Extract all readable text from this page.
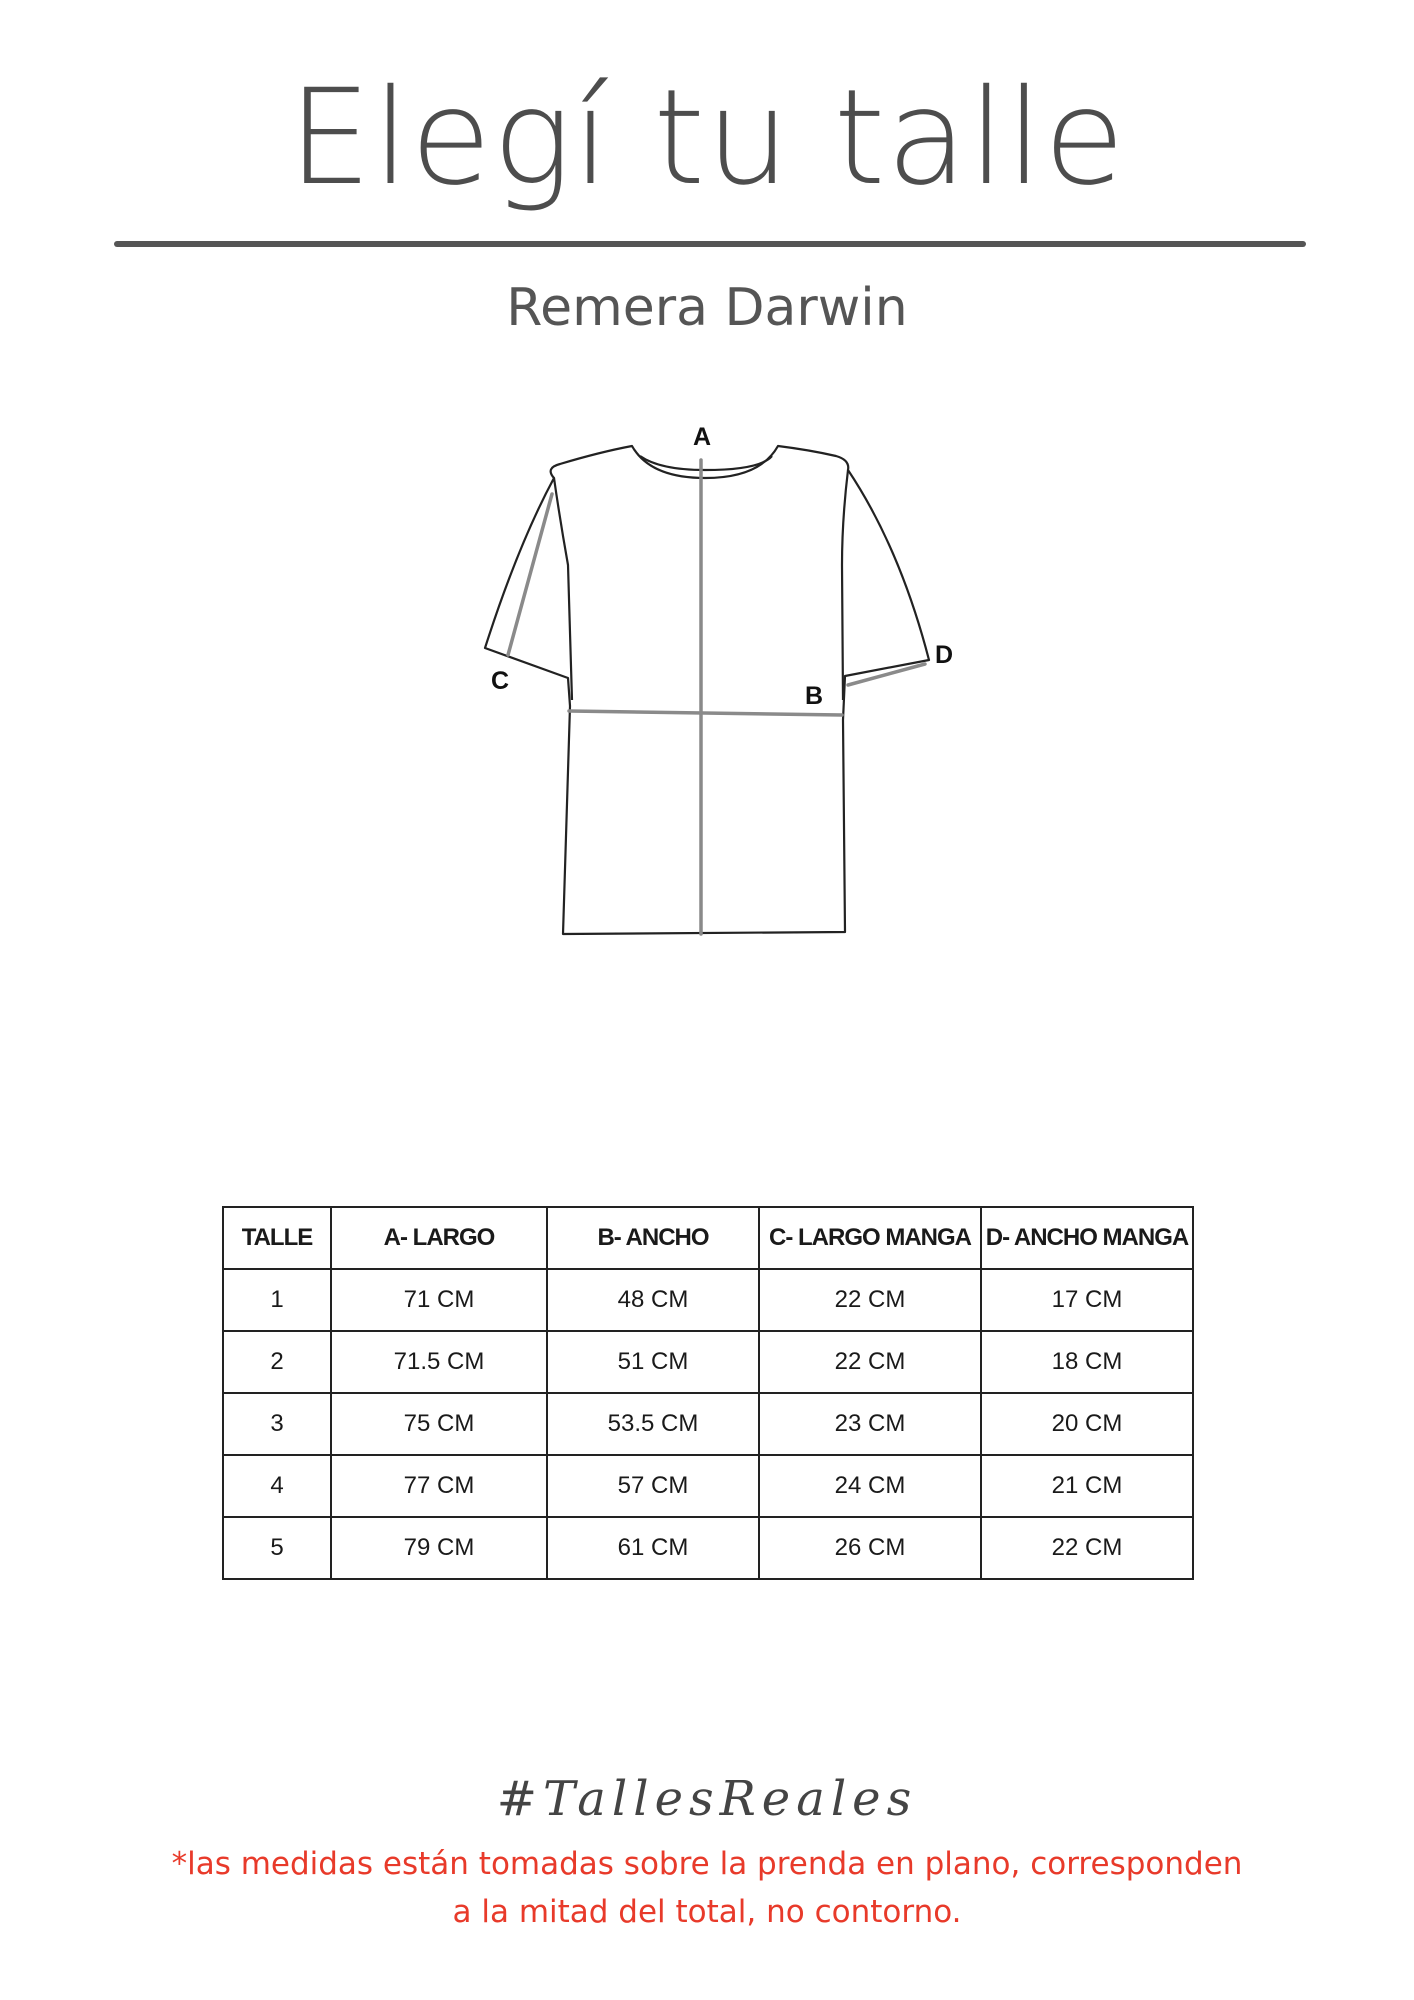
Elegí tu talle
Remera Darwin
A
B
C
D
TALLE	A- LARGO	B- ANCHO	C- LARGO MANGA	D- ANCHO MANGA
1	71 CM	48 CM	22 CM	17 CM
2	71.5 CM	51 CM	22 CM	18 CM
3	75 CM	53.5 CM	23 CM	20 CM
4	77 CM	57 CM	24 CM	21 CM
5	79 CM	61 CM	26 CM	22 CM
#TallesReales
*las medidas están tomadas sobre la prenda en plano, corresponden
a la mitad del total, no contorno.
